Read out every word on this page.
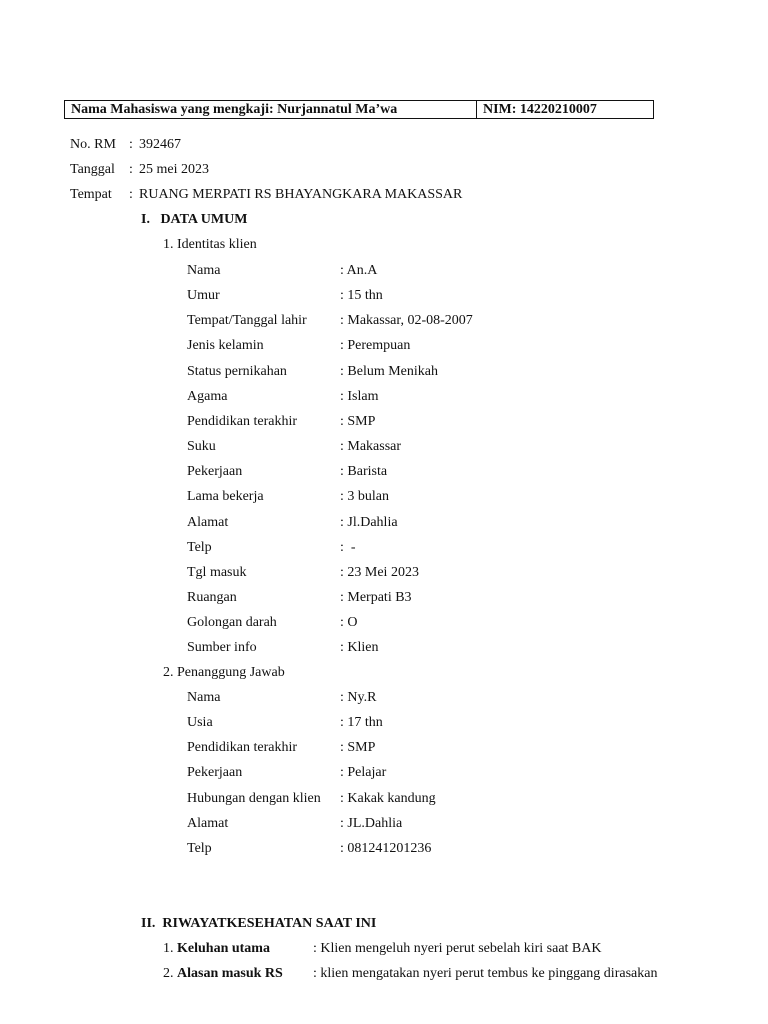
Nama Mahasiswa yang mengkaji: Nurjannatul Ma’wa	NIM: 14220210007
No. RM : 392467
Tanggal : 25 mei 2023
Tempat : RUANG MERPATI RS BHAYANGKARA MAKASSAR
I.   DATA UMUM
1. Identitas klien
Nama	: An.A
Umur	: 15 thn
Tempat/Tanggal lahir : Makassar, 02-08-2007
Jenis kelamin	: Perempuan
Status pernikahan	: Belum Menikah
Agama	: Islam
Pendidikan terakhir	: SMP
Suku	: Makassar
Pekerjaan	: Barista
Lama bekerja	: 3 bulan
Alamat	: Jl.Dahlia
Telp	:  -
Tgl masuk	: 23 Mei 2023
Ruangan	: Merpati B3
Golongan darah	: O
Sumber info	: Klien
2. Penanggung Jawab
Nama	: Ny.R
Usia	: 17 thn
Pendidikan terakhir	: SMP
Pekerjaan	: Pelajar
Hubungan dengan klien : Kakak kandung
Alamat	: JL.Dahlia
Telp	: 081241201236
II.  RIWAYATKESEHATAN SAAT INI
1. Keluhan utama	: Klien mengeluh nyeri perut sebelah kiri saat BAK
2. Alasan masuk RS : klien mengatakan nyeri perut tembus ke pinggang dirasakan
